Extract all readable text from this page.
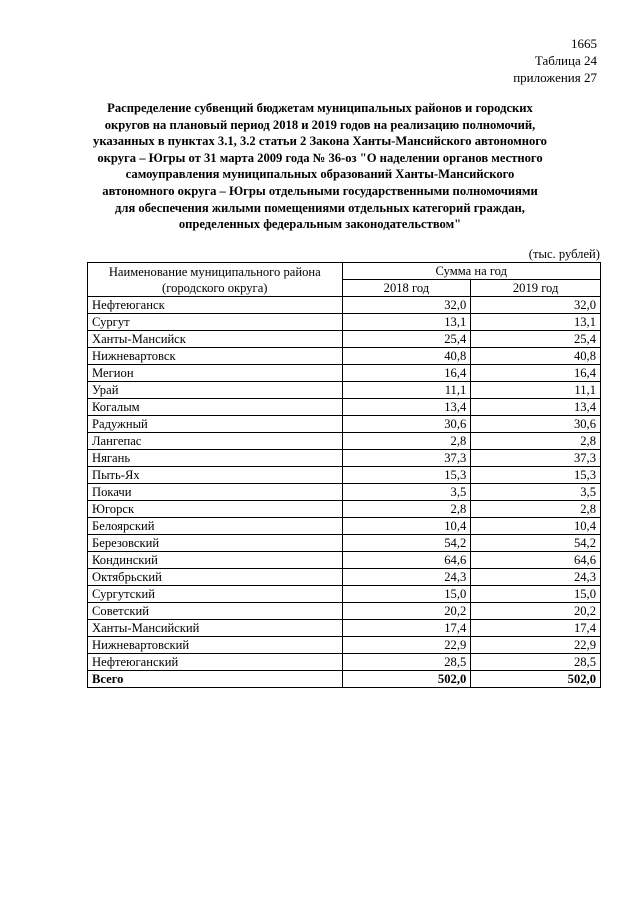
1665
Таблица 24
приложения 27
Распределение субвенций бюджетам муниципальных районов и городских округов на плановый период 2018 и 2019 годов на реализацию полномочий, указанных в пунктах 3.1, 3.2 статьи 2 Закона Ханты-Мансийского автономного округа – Югры от 31 марта 2009 года № 36-оз "О наделении органов местного самоуправления муниципальных образований Ханты-Мансийского автономного округа – Югры отдельными государственными полномочиями для обеспечения жилыми помещениями отдельных категорий граждан, определенных федеральным законодательством"
(тыс. рублей)
Наименование муниципального района (городского округа)	Сумма на год	
	2018 год	2019 год
Нефтеюганск	32,0	32,0
Сургут	13,1	13,1
Ханты-Мансийск	25,4	25,4
Нижневартовск	40,8	40,8
Мегион	16,4	16,4
Урай	11,1	11,1
Когалым	13,4	13,4
Радужный	30,6	30,6
Лангепас	2,8	2,8
Нягань	37,3	37,3
Пыть-Ях	15,3	15,3
Покачи	3,5	3,5
Югорск	2,8	2,8
Белоярский	10,4	10,4
Березовский	54,2	54,2
Кондинский	64,6	64,6
Октябрьский	24,3	24,3
Сургутский	15,0	15,0
Советский	20,2	20,2
Ханты-Мансийский	17,4	17,4
Нижневартовский	22,9	22,9
Нефтеюганский	28,5	28,5
Всего	502,0	502,0
